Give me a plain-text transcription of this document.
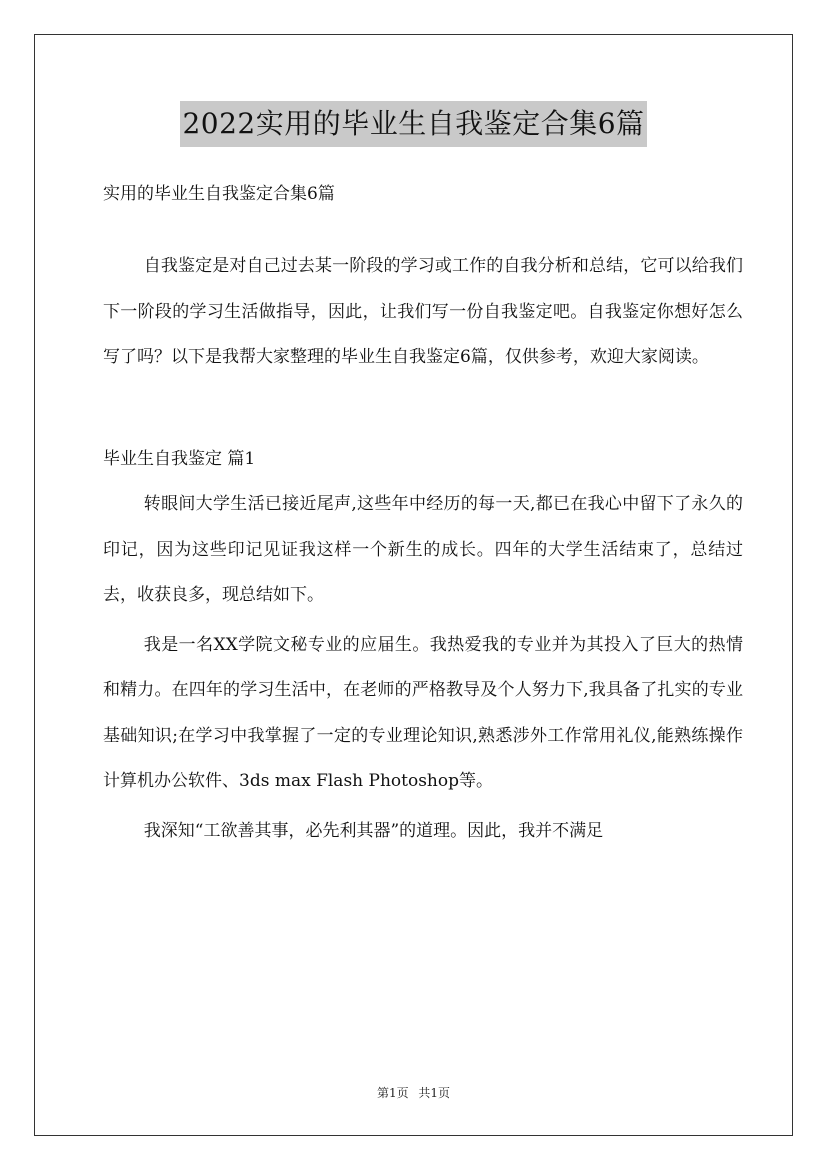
2022实用的毕业生自我鉴定合集6篇

实用的毕业生自我鉴定合集6篇

自我鉴定是对自己过去某一阶段的学习或工作的自我分析和总结，它可以给我们下一阶段的学习生活做指导，因此，让我们写一份自我鉴定吧。自我鉴定你想好怎么写了吗？以下是我帮大家整理的毕业生自我鉴定6篇，仅供参考，欢迎大家阅读。

毕业生自我鉴定 篇1

转眼间大学生活已接近尾声,这些年中经历的每一天,都已在我心中留下了永久的印记，因为这些印记见证我这样一个新生的成长。四年的大学生活结束了，总结过去，收获良多，现总结如下。

我是一名XX学院文秘专业的应届生。我热爱我的专业并为其投入了巨大的热情和精力。在四年的学习生活中，在老师的严格教导及个人努力下,我具备了扎实的专业基础知识;在学习中我掌握了一定的专业理论知识,熟悉涉外工作常用礼仪,能熟练操作计算机办公软件、3ds max Flash Photoshop等。

我深知“工欲善其事，必先利其器”的道理。因此，我并不满足

第1页 共1页
